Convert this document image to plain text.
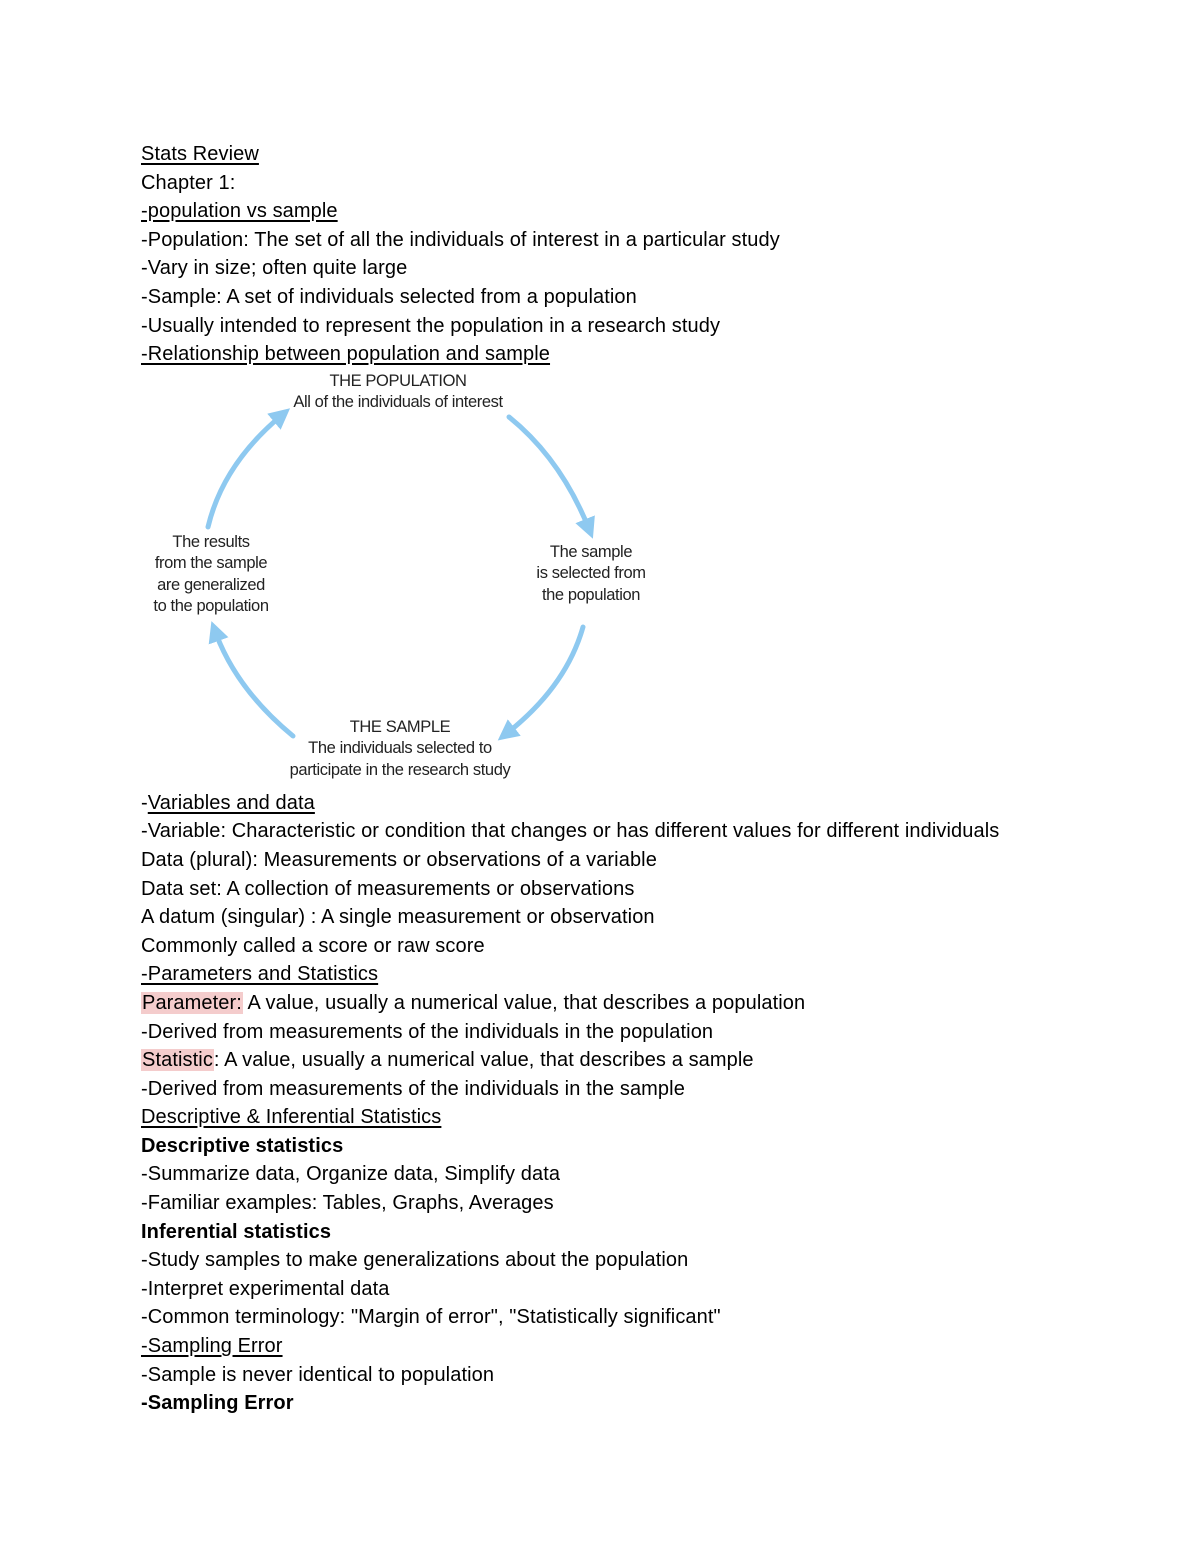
Stats Review
Chapter 1:
-population vs sample
-Population: The set of all the individuals of interest in a particular study
-Vary in size; often quite large
-Sample: A set of individuals selected from a population
-Usually intended to represent the population in a research study
-Relationship between population and sample
THE POPULATION
All of the individuals of interest
The sample
is selected from
the population
THE SAMPLE
The individuals selected to
participate in the research study
The results
from the sample
are generalized
to the population
-Variables and data
-Variable: Characteristic or condition that changes or has different values for different individuals
Data (plural): Measurements or observations of a variable
Data set: A collection of measurements or observations
A datum (singular) : A single measurement or observation
Commonly called a score or raw score
-Parameters and Statistics
Parameter: A value, usually a numerical value, that describes a population
-Derived from measurements of the individuals in the population
Statistic: A value, usually a numerical value, that describes a sample
-Derived from measurements of the individuals in the sample
Descriptive & Inferential Statistics
Descriptive statistics
-Summarize data, Organize data, Simplify data
-Familiar examples: Tables, Graphs, Averages
Inferential statistics
-Study samples to make generalizations about the population
-Interpret experimental data
-Common terminology: "Margin of error", "Statistically significant"
-Sampling Error
-Sample is never identical to population
-Sampling Error
